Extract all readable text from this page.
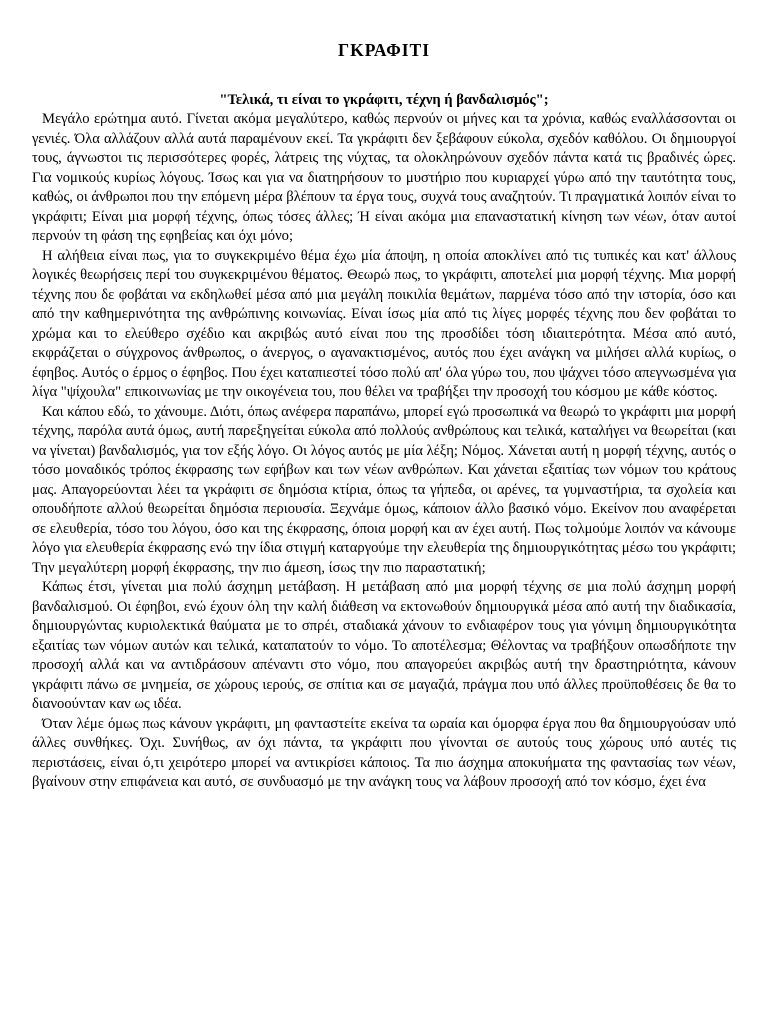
ΓΚΡΑΦΙΤΙ
"Τελικά, τι είναι το γκράφιτι, τέχνη ή βανδαλισμός";

Μεγάλο ερώτημα αυτό. Γίνεται ακόμα μεγαλύτερο, καθώς περνούν οι μήνες και τα χρόνια, καθώς εναλλάσσονται οι γενιές. Όλα αλλάζουν αλλά αυτά παραμένουν εκεί. Τα γκράφιτι δεν ξεβάφουν εύκολα, σχεδόν καθόλου. Οι δημιουργοί τους, άγνωστοι τις περισσότερες φορές, λάτρεις της νύχτας, τα ολοκληρώνουν σχεδόν πάντα κατά τις βραδινές ώρες. Για νομικούς κυρίως λόγους. Ίσως και για να διατηρήσουν το μυστήριο που κυριαρχεί γύρω από την ταυτότητα τους, καθώς, οι άνθρωποι που την επόμενη μέρα βλέπουν τα έργα τους, συχνά τους αναζητούν. Τι πραγματικά λοιπόν είναι το γκράφιτι; Είναι μια μορφή τέχνης, όπως τόσες άλλες; Ή είναι ακόμα μια επαναστατική κίνηση των νέων, όταν αυτοί περνούν τη φάση της εφηβείας και όχι μόνο;

Η αλήθεια είναι πως, για το συγκεκριμένο θέμα έχω μία άποψη, η οποία αποκλίνει από τις τυπικές και κατ' άλλους λογικές θεωρήσεις περί του συγκεκριμένου θέματος. Θεωρώ πως, το γκράφιτι, αποτελεί μια μορφή τέχνης. Μια μορφή τέχνης που δε φοβάται να εκδηλωθεί μέσα από μια μεγάλη ποικιλία θεμάτων, παρμένα τόσο από την ιστορία, όσο και από την καθημερινότητα της ανθρώπινης κοινωνίας. Είναι ίσως μία από τις λίγες μορφές τέχνης που δεν φοβάται το χρώμα και το ελεύθερο σχέδιο και ακριβώς αυτό είναι που της προσδίδει τόση ιδιαιτερότητα. Μέσα από αυτό, εκφράζεται ο σύγχρονος άνθρωπος, ο άνεργος, ο αγανακτισμένος, αυτός που έχει ανάγκη να μιλήσει αλλά κυρίως, ο έφηβος. Αυτός ο έρμος ο έφηβος. Που έχει καταπιεστεί τόσο πολύ απ' όλα γύρω του, που ψάχνει τόσο απεγνωσμένα για λίγα "ψίχουλα" επικοινωνίας με την οικογένεια του, που θέλει να τραβήξει την προσοχή του κόσμου με κάθε κόστος.

Και κάπου εδώ, το χάνουμε. Διότι, όπως ανέφερα παραπάνω, μπορεί εγώ προσωπικά να θεωρώ το γκράφιτι μια μορφή τέχνης, παρόλα αυτά όμως, αυτή παρεξηγείται εύκολα από πολλούς ανθρώπους και τελικά, καταλήγει να θεωρείται (και να γίνεται) βανδαλισμός, για τον εξής λόγο. Οι λόγος αυτός με μία λέξη; Νόμος. Χάνεται αυτή η μορφή τέχνης, αυτός ο τόσο μοναδικός τρόπος έκφρασης των εφήβων και των νέων ανθρώπων. Και χάνεται εξαιτίας των νόμων του κράτους μας. Απαγορεύονται λέει τα γκράφιτι σε δημόσια κτίρια, όπως τα γήπεδα, οι αρένες, τα γυμναστήρια, τα σχολεία και οπουδήποτε αλλού θεωρείται δημόσια περιουσία. Ξεχνάμε όμως, κάποιον άλλο βασικό νόμο. Εκείνον που αναφέρεται σε ελευθερία, τόσο του λόγου, όσο και της έκφρασης, όποια μορφή και αν έχει αυτή. Πως τολμούμε λοιπόν να κάνουμε λόγο για ελευθερία έκφρασης ενώ την ίδια στιγμή καταργούμε την ελευθερία της δημιουργικότητας μέσω του γκράφιτι; Την μεγαλύτερη μορφή έκφρασης, την πιο άμεση, ίσως την πιο παραστατική;

Κάπως έτσι, γίνεται μια πολύ άσχημη μετάβαση. Η μετάβαση από μια μορφή τέχνης σε μια πολύ άσχημη μορφή βανδαλισμού. Οι έφηβοι, ενώ έχουν όλη την καλή διάθεση να εκτονωθούν δημιουργικά μέσα από αυτή την διαδικασία, δημιουργώντας κυριολεκτικά θαύματα με το σπρέι, σταδιακά χάνουν το ενδιαφέρον τους για γόνιμη δημιουργικότητα εξαιτίας των νόμων αυτών και τελικά, καταπατούν το νόμο. Το αποτέλεσμα; Θέλοντας να τραβήξουν οπωσδήποτε την προσοχή αλλά και να αντιδράσουν απέναντι στο νόμο, που απαγορεύει ακριβώς αυτή την δραστηριότητα, κάνουν γκράφιτι πάνω σε μνημεία, σε χώρους ιερούς, σε σπίτια και σε μαγαζιά, πράγμα που υπό άλλες προϋποθέσεις δε θα το διανοούνταν καν ως ιδέα.

Όταν λέμε όμως πως κάνουν γκράφιτι, μη φανταστείτε εκείνα τα ωραία και όμορφα έργα που θα δημιουργούσαν υπό άλλες συνθήκες. Όχι. Συνήθως, αν όχι πάντα, τα γκράφιτι που γίνονται σε αυτούς τους χώρους υπό αυτές τις περιστάσεις, είναι ό,τι χειρότερο μπορεί να αντικρίσει κάποιος. Τα πιο άσχημα αποκυήματα της φαντασίας των νέων, βγαίνουν στην επιφάνεια και αυτό, σε συνδυασμό με την ανάγκη τους να λάβουν προσοχή από τον κόσμο, έχει ένα
